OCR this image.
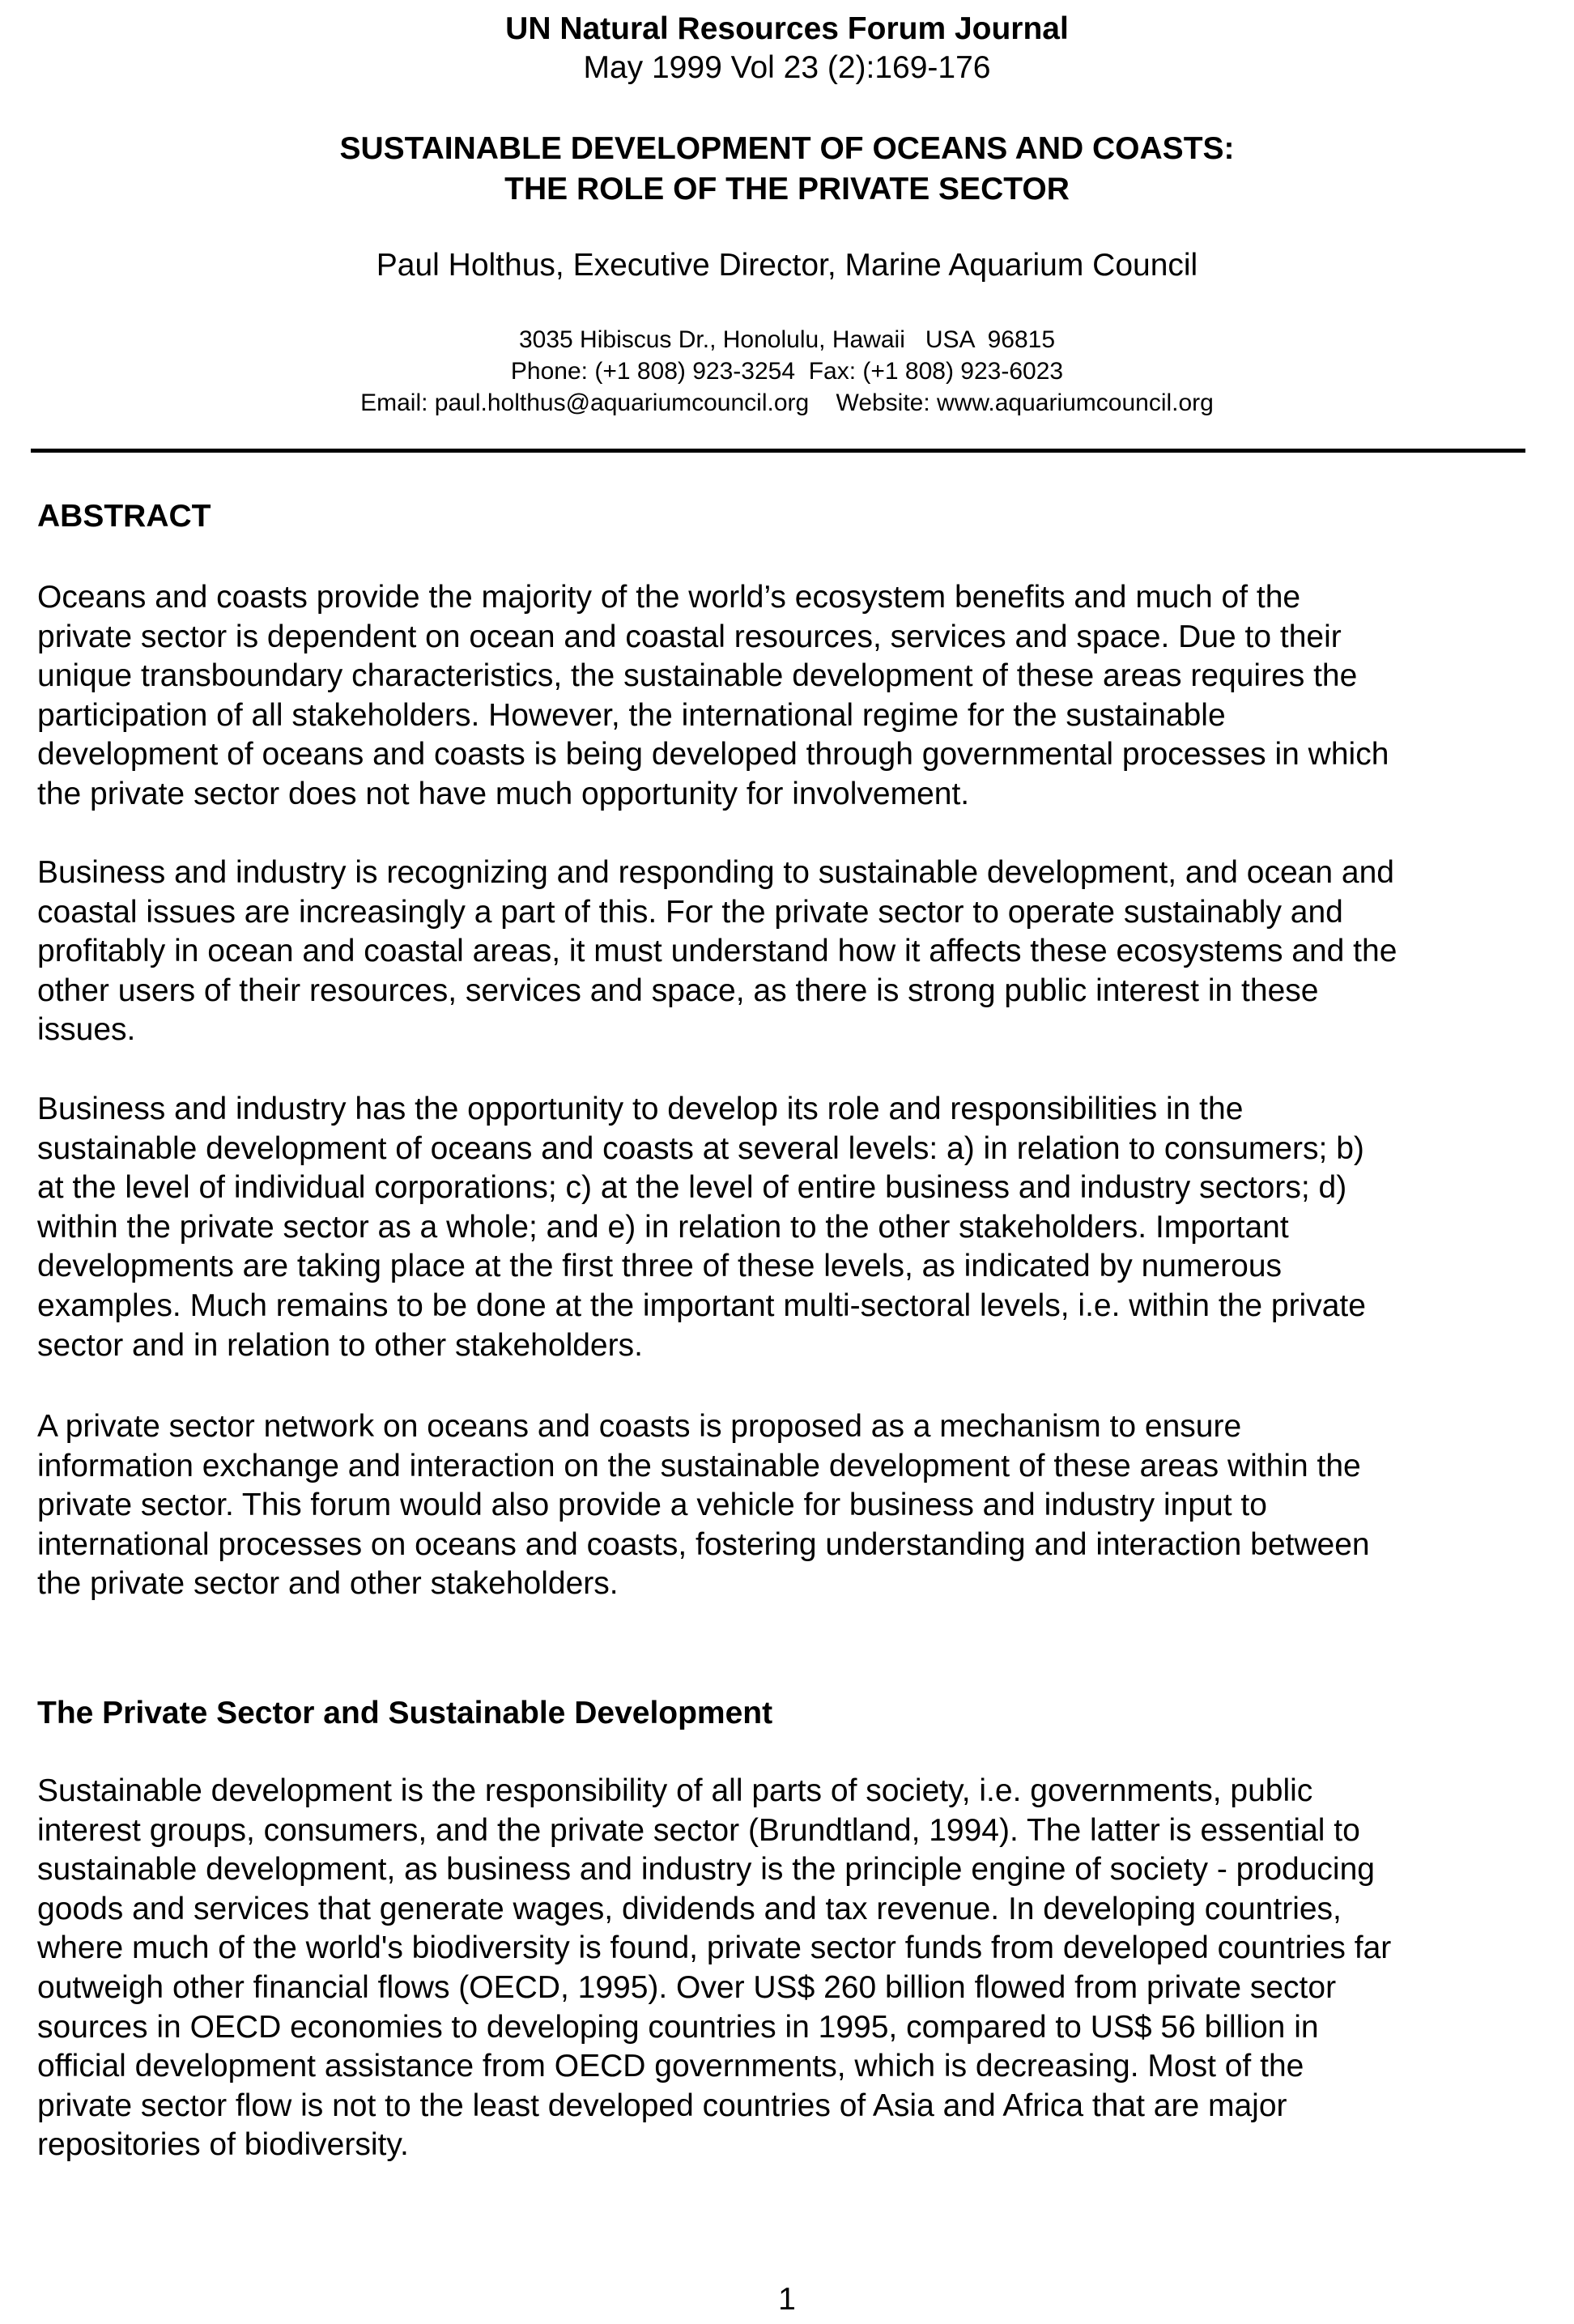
UN Natural Resources Forum Journal
May 1999 Vol 23 (2):169-176
SUSTAINABLE DEVELOPMENT OF OCEANS AND COASTS:
THE ROLE OF THE PRIVATE SECTOR
Paul Holthus, Executive Director, Marine Aquarium Council
3035 Hibiscus Dr., Honolulu, Hawaii   USA  96815
Phone: (+1 808) 923-3254  Fax: (+1 808) 923-6023
Email: paul.holthus@aquariumcouncil.org    Website: www.aquariumcouncil.org
ABSTRACT
Oceans and coasts provide the majority of the world’s ecosystem benefits and much of the
private sector is dependent on ocean and coastal resources, services and space. Due to their
unique transboundary characteristics, the sustainable development of these areas requires the
participation of all stakeholders. However, the international regime for the sustainable
development of oceans and coasts is being developed through governmental processes in which
the private sector does not have much opportunity for involvement.
Business and industry is recognizing and responding to sustainable development, and ocean and
coastal issues are increasingly a part of this. For the private sector to operate sustainably and
profitably in ocean and coastal areas, it must understand how it affects these ecosystems and the
other users of their resources, services and space, as there is strong public interest in these
issues.
Business and industry has the opportunity to develop its role and responsibilities in the
sustainable development of oceans and coasts at several levels: a) in relation to consumers; b)
at the level of individual corporations; c) at the level of entire business and industry sectors; d)
within the private sector as a whole; and e) in relation to the other stakeholders. Important
developments are taking place at the first three of these levels, as indicated by numerous
examples. Much remains to be done at the important multi-sectoral levels, i.e. within the private
sector and in relation to other stakeholders.
A private sector network on oceans and coasts is proposed as a mechanism to ensure
information exchange and interaction on the sustainable development of these areas within the
private sector. This forum would also provide a vehicle for business and industry input to
international processes on oceans and coasts, fostering understanding and interaction between
the private sector and other stakeholders.
The Private Sector and Sustainable Development
Sustainable development is the responsibility of all parts of society, i.e. governments, public
interest groups, consumers, and the private sector (Brundtland, 1994). The latter is essential to
sustainable development, as business and industry is the principle engine of society - producing
goods and services that generate wages, dividends and tax revenue. In developing countries,
where much of the world's biodiversity is found, private sector funds from developed countries far
outweigh other financial flows (OECD, 1995). Over US$ 260 billion flowed from private sector
sources in OECD economies to developing countries in 1995, compared to US$ 56 billion in
official development assistance from OECD governments, which is decreasing. Most of the
private sector flow is not to the least developed countries of Asia and Africa that are major
repositories of biodiversity.
1
